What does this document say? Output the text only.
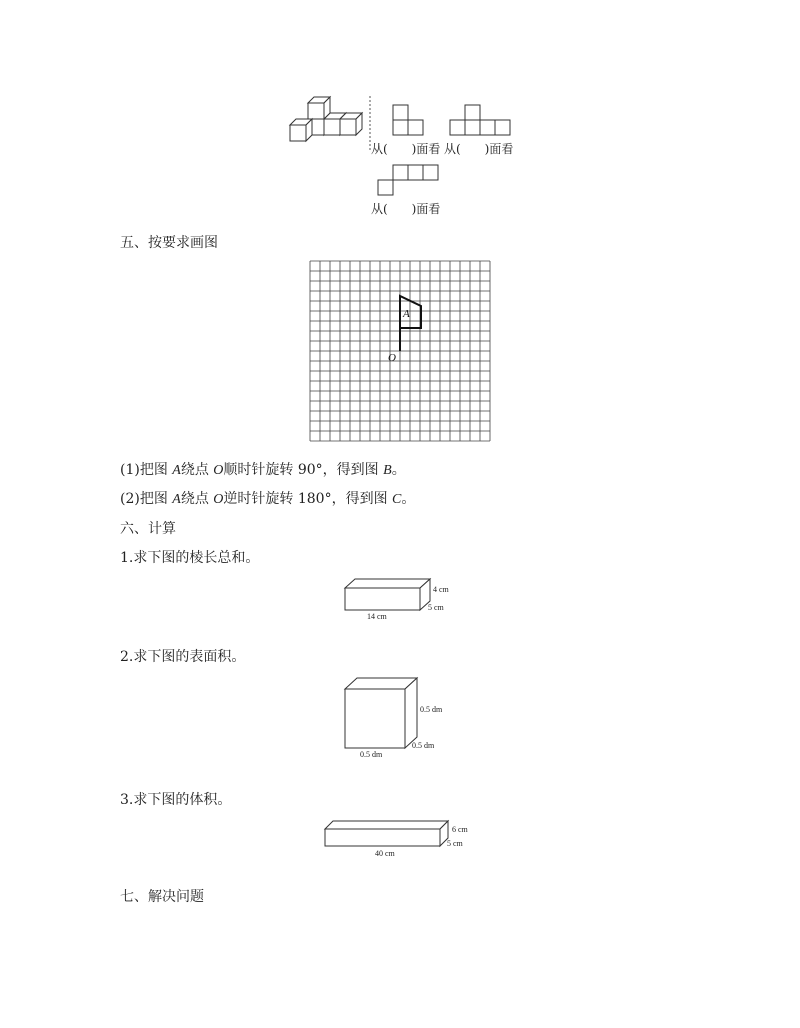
A
O
4 cm
5 cm
14 cm
0.5 dm
0.5 dm
0.5 dm
6 cm
5 cm
40 cm
从(　　)面看 从(　　)面看
从(　　)面看
五、按要求画图
(1)把图 A绕点 O顺时针旋转 90°，得到图 B。
(2)把图 A绕点 O逆时针旋转 180°，得到图 C。
六、计算
1.求下图的棱长总和。
2.求下图的表面积。
3.求下图的体积。
七、解决问题
